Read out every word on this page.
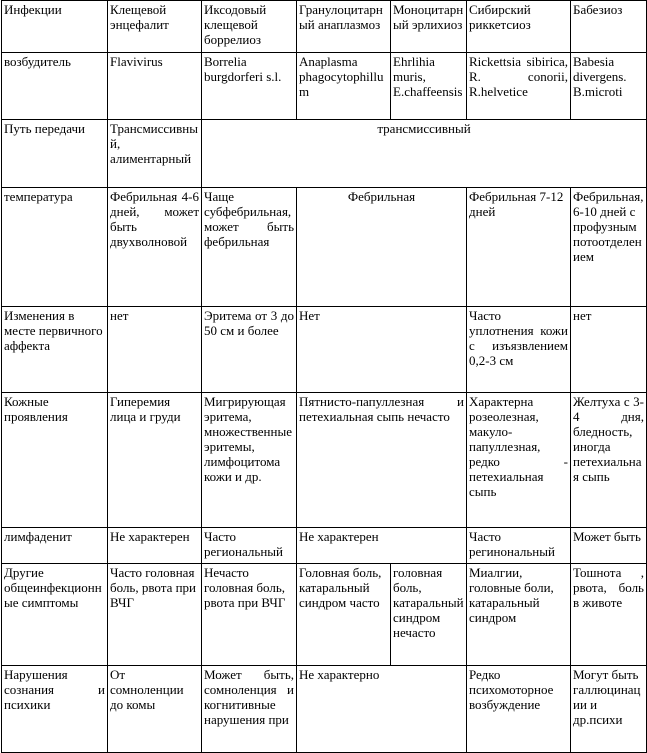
Инфекции	Клещевой энцефалит	Иксодовый клещевой боррелиоз	Гранулоцитарный анаплазмоз	Моноцитарный эрлихиоз	Сибирский риккетсиоз	Бабезиоз
возбудитель	Flavivirus	Borrelia burgdorferi s.l.	Anaplasma phagocytophillum	Ehrlihia muris, E.chaffeensis	Rickettsia sibirica, R. conorii, R.helvetice	Babesia divergens. B.microti
Путь передачи	Трансмиссивный, алиментарный	трансмиссивный				
температура	Фебрильная 4-6 дней, может быть двухволновой	Чаще субфебрильная, может быть фебрильная	Фебрильная		Фебрильная 7-12 дней	Фебрильная, 6-10 дней с профузным потоотделением
Изменения в месте первичного аффекта	нет	Эритема от 3 до 50 см и более	Нет		Часто уплотнения кожи с изъязвлением 0,2-3 см	нет
Кожные проявления	Гиперемия лица и груди	Мигрирующая эритема, множественные эритемы, лимфоцитома кожи и др.	Пятнисто-папуллезная и петехиальная сыпь нечасто		Характерна розеолезная, макуло-папуллезная, редко - петехиальная сыпь	Желтуха с 3-4 дня, бледность, иногда петехиальная сыпь
лимфаденит	Не характерен	Часто региональный	Не характерен		Часто регинональный	Может быть
Другие общеинфекционные симптомы	Часто головная боль, рвота при ВЧГ	Нечасто головная боль, рвота при ВЧГ	Головная боль, катаральный синдром часто	головная боль, катаральный синдром нечасто	Миалгии, головные боли, катаральный синдром	Тошнота , рвота, боль в животе
Нарушения сознания и психики	От сомноленции до комы	Может быть, сомноленция и когнитивные нарушения при	Не характерно		Редко психомоторное возбуждение	Могут быть галлюцинации и др.психи
